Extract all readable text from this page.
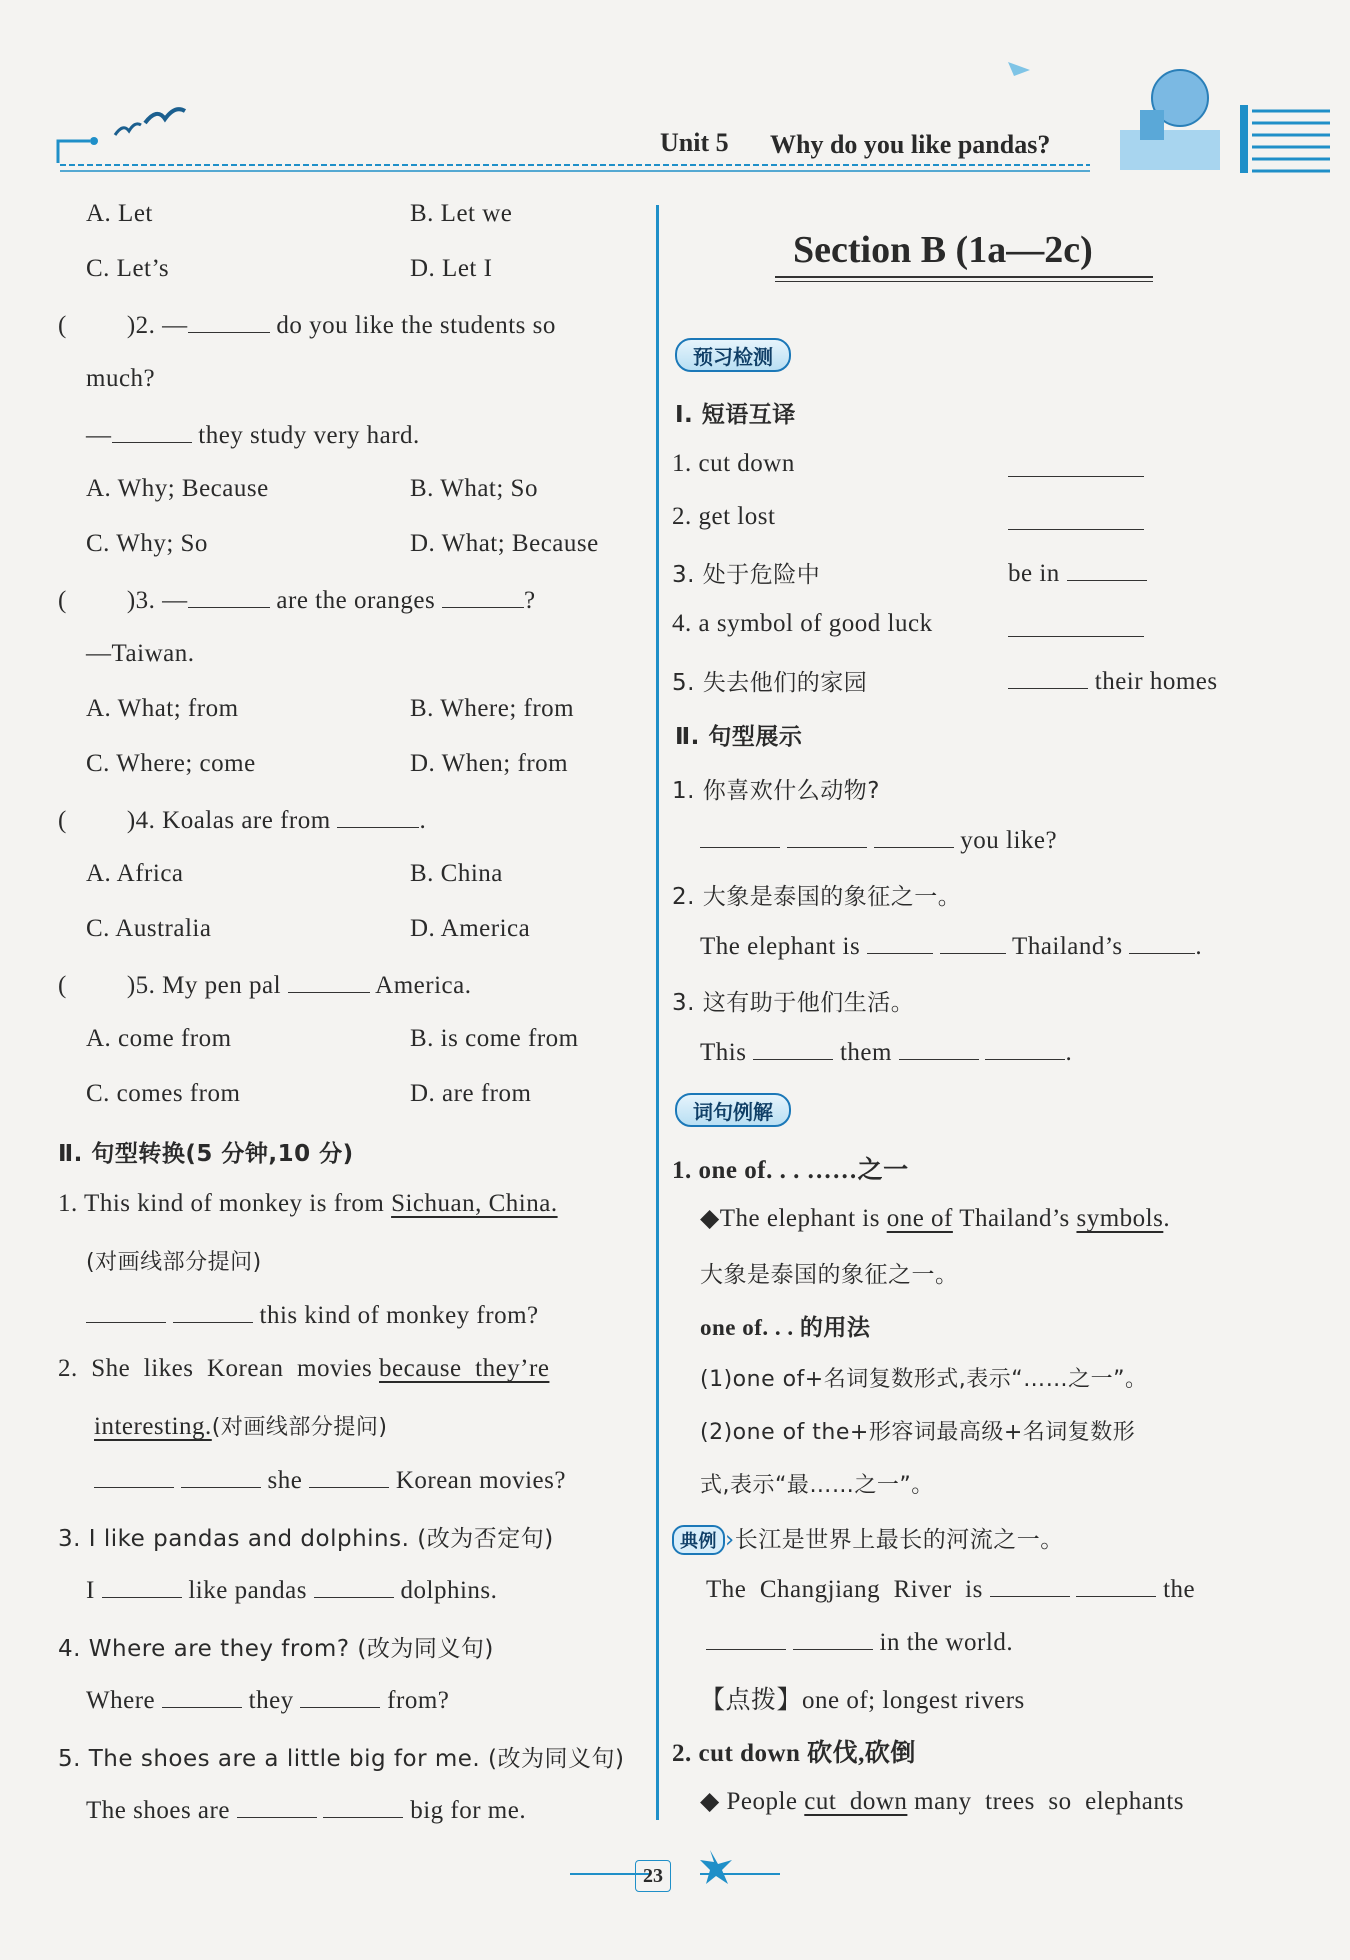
Unit 5 Why do you like pandas?
A. Let	B. Let we
C. Let’s	D. Let I
( )2. —	do you like the students so
much?
—	they study very hard.
A. Why; Because	B. What; So
C. Why; So	D. What; Because
( )3. —	are the oranges	?
—Taiwan.
A. What; from	B. Where; from
C. Where; come	D. When; from
( )4. Koalas are from	.
A. Africa	B. China
C. Australia	D. America
( )5. My pen pal	America.
A. come from	B. is come from
C. comes from	D. are from
Ⅱ. 句型转换(5 分钟,10 分)
1. This kind of monkey is from Sichuan, China.
(对画线部分提问)
this kind of monkey from?
2.  She  likes  Korean  movies because  they’re
interesting.(对画线部分提问)
she	Korean movies?
3. I like pandas and dolphins. (改为否定句)
I	like pandas	dolphins.
4. Where are they from? (改为同义句)
Where	they	from?
5. The shoes are a little big for me. (改为同义句)
The shoes are	big for me.
Section B (1a—2c)
预习检测
Ⅰ. 短语互译
1. cut down
2. get lost
3. 处于危险中	be in
4. a symbol of good luck
5. 失去他们的家园	their homes
Ⅱ. 句型展示
1. 你喜欢什么动物?
you like?
2. 大象是泰国的象征之一。
The elephant is	Thailand’s	.
3. 这有助于他们生活。
This	them	.
词句例解
1. one of. . . ……之一
◆The elephant is one of Thailand’s symbols.
大象是泰国的象征之一。
one of. . . 的用法
(1)one of+名词复数形式,表示“……之一”。
(2)one of the+形容词最高级+名词复数形
式,表示“最……之一”。
典例 ›长江是世界上最长的河流之一。
The  Changjiang  River  is	the
in the world.
【点拨】one of; longest rivers
2. cut down 砍伐,砍倒
◆ People cut  down many  trees  so  elephants
23
